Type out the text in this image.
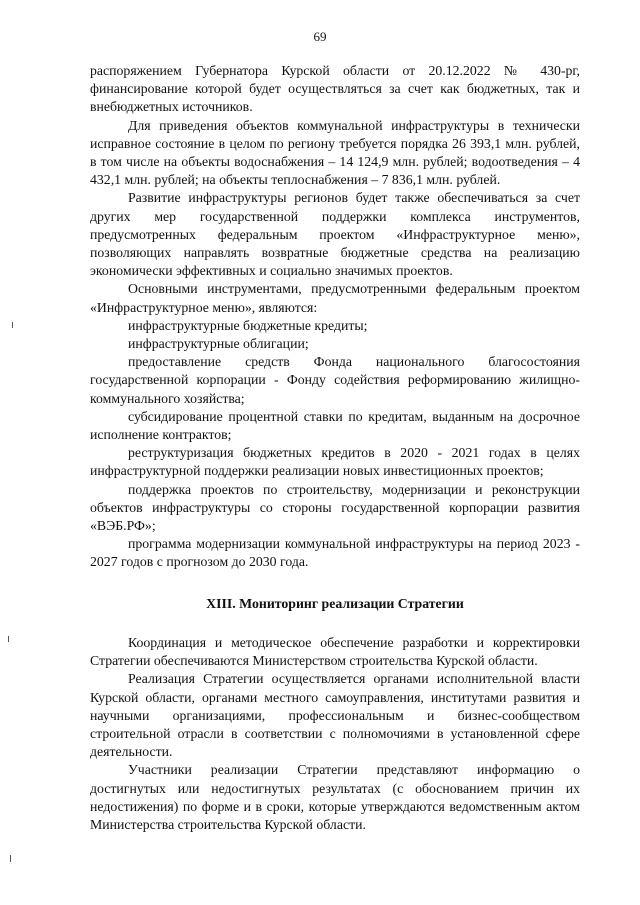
69

распоряжением Губернатора Курской области от 20.12.2022 № 430-рг, финансирование которой будет осуществляться за счет как бюджетных, так и внебюджетных источников.

Для приведения объектов коммунальной инфраструктуры в технически исправное состояние в целом по региону требуется порядка 26 393,1 млн. рублей, в том числе на объекты водоснабжения – 14 124,9 млн. рублей; водоотведения – 4 432,1 млн. рублей; на объекты теплоснабжения – 7 836,1 млн. рублей.

Развитие инфраструктуры регионов будет также обеспечиваться за счет других мер государственной поддержки комплекса инструментов, предусмотренных федеральным проектом «Инфраструктурное меню», позволяющих направлять возвратные бюджетные средства на реализацию экономически эффективных и социально значимых проектов.

Основными инструментами, предусмотренными федеральным проектом «Инфраструктурное меню», являются:

инфраструктурные бюджетные кредиты;

инфраструктурные облигации;

предоставление средств Фонда национального благосостояния государственной корпорации - Фонду содействия реформированию жилищно-коммунального хозяйства;

субсидирование процентной ставки по кредитам, выданным на досрочное исполнение контрактов;

реструктуризация бюджетных кредитов в 2020 - 2021 годах в целях инфраструктурной поддержки реализации новых инвестиционных проектов;

поддержка проектов по строительству, модернизации и реконструкции объектов инфраструктуры со стороны государственной корпорации развития «ВЭБ.РФ»;

программа модернизации коммунальной инфраструктуры на период 2023 - 2027 годов с прогнозом до 2030 года.

XIII. Мониторинг реализации Стратегии

Координация и методическое обеспечение разработки и корректировки Стратегии обеспечиваются Министерством строительства Курской области.

Реализация Стратегии осуществляется органами исполнительной власти Курской области, органами местного самоуправления, институтами развития и научными организациями, профессиональным и бизнес-сообществом строительной отрасли в соответствии с полномочиями в установленной сфере деятельности.

Участники реализации Стратегии представляют информацию о достигнутых или недостигнутых результатах (с обоснованием причин их недостижения) по форме и в сроки, которые утверждаются ведомственным актом Министерства строительства Курской области.
